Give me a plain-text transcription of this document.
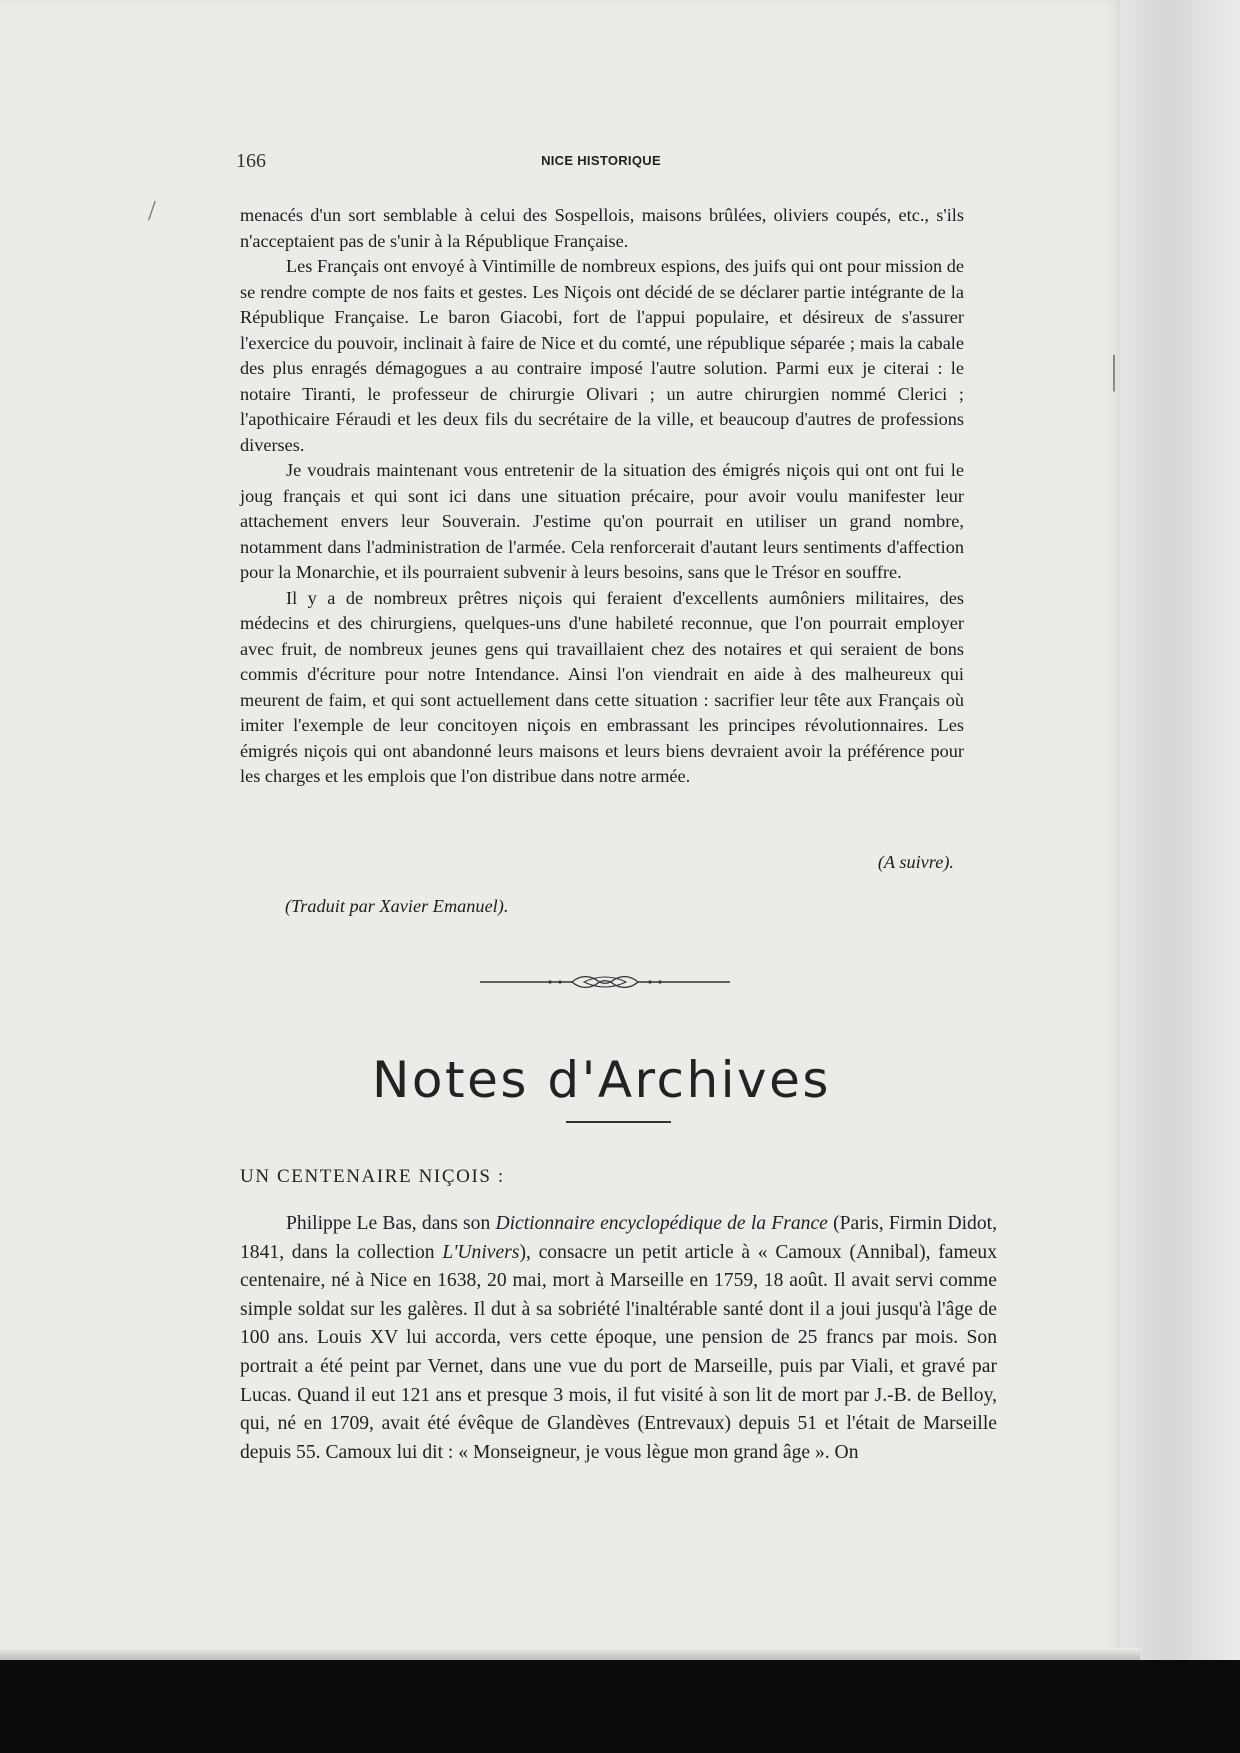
166	NICE HISTORIQUE

menacés d'un sort semblable à celui des Sospellois, maisons brûlées, oliviers coupés, etc., s'ils n'acceptaient pas de s'unir à la République Française.

Les Français ont envoyé à Vintimille de nombreux espions, des juifs qui ont pour mission de se rendre compte de nos faits et gestes. Les Niçois ont décidé de se déclarer partie intégrante de la République Française. Le baron Giacobi, fort de l'appui populaire, et désireux de s'assurer l'exercice du pouvoir, inclinait à faire de Nice et du comté, une république séparée ; mais la cabale des plus enragés démagogues a au contraire imposé l'autre solution. Parmi eux je citerai : le notaire Tiranti, le professeur de chirurgie Olivari ; un autre chirurgien nommé Clerici ; l'apothicaire Féraudi et les deux fils du secrétaire de la ville, et beaucoup d'autres de professions diverses.

Je voudrais maintenant vous entretenir de la situation des émigrés niçois qui ont ont fui le joug français et qui sont ici dans une situation précaire, pour avoir voulu manifester leur attachement envers leur Souverain. J'estime qu'on pourrait en utiliser un grand nombre, notamment dans l'administration de l'armée. Cela renforcerait d'autant leurs sentiments d'affection pour la Monarchie, et ils pourraient subvenir à leurs besoins, sans que le Trésor en souffre.

Il y a de nombreux prêtres niçois qui feraient d'excellents aumôniers militaires, des médecins et des chirurgiens, quelques-uns d'une habileté reconnue, que l'on pourrait employer avec fruit, de nombreux jeunes gens qui travaillaient chez des notaires et qui seraient de bons commis d'écriture pour notre Intendance. Ainsi l'on viendrait en aide à des malheureux qui meurent de faim, et qui sont actuellement dans cette situation : sacrifier leur tête aux Français où imiter l'exemple de leur concitoyen niçois en embrassant les principes révolutionnaires. Les émigrés niçois qui ont abandonné leurs maisons et leurs biens devraient avoir la préférence pour les charges et les emplois que l'on distribue dans notre armée.

(A suivre).
(Traduit par Xavier Emanuel).
Notes d'Archives
UN CENTENAIRE NIÇOIS :

Philippe Le Bas, dans son Dictionnaire encyclopédique de la France (Paris, Firmin Didot, 1841, dans la collection L'Univers), consacre un petit article à « Camoux (Annibal), fameux centenaire, né à Nice en 1638, 20 mai, mort à Marseille en 1759, 18 août. Il avait servi comme simple soldat sur les galères. Il dut à sa sobriété l'inaltérable santé dont il a joui jusqu'à l'âge de 100 ans. Louis XV lui accorda, vers cette époque, une pension de 25 francs par mois. Son portrait a été peint par Vernet, dans une vue du port de Marseille, puis par Viali, et gravé par Lucas. Quand il eut 121 ans et presque 3 mois, il fut visité à son lit de mort par J.-B. de Belloy, qui, né en 1709, avait été évêque de Glandèves (Entrevaux) depuis 51 et l'était de Marseille depuis 55. Camoux lui dit : « Monseigneur, je vous lègue mon grand âge ». On

/
|
